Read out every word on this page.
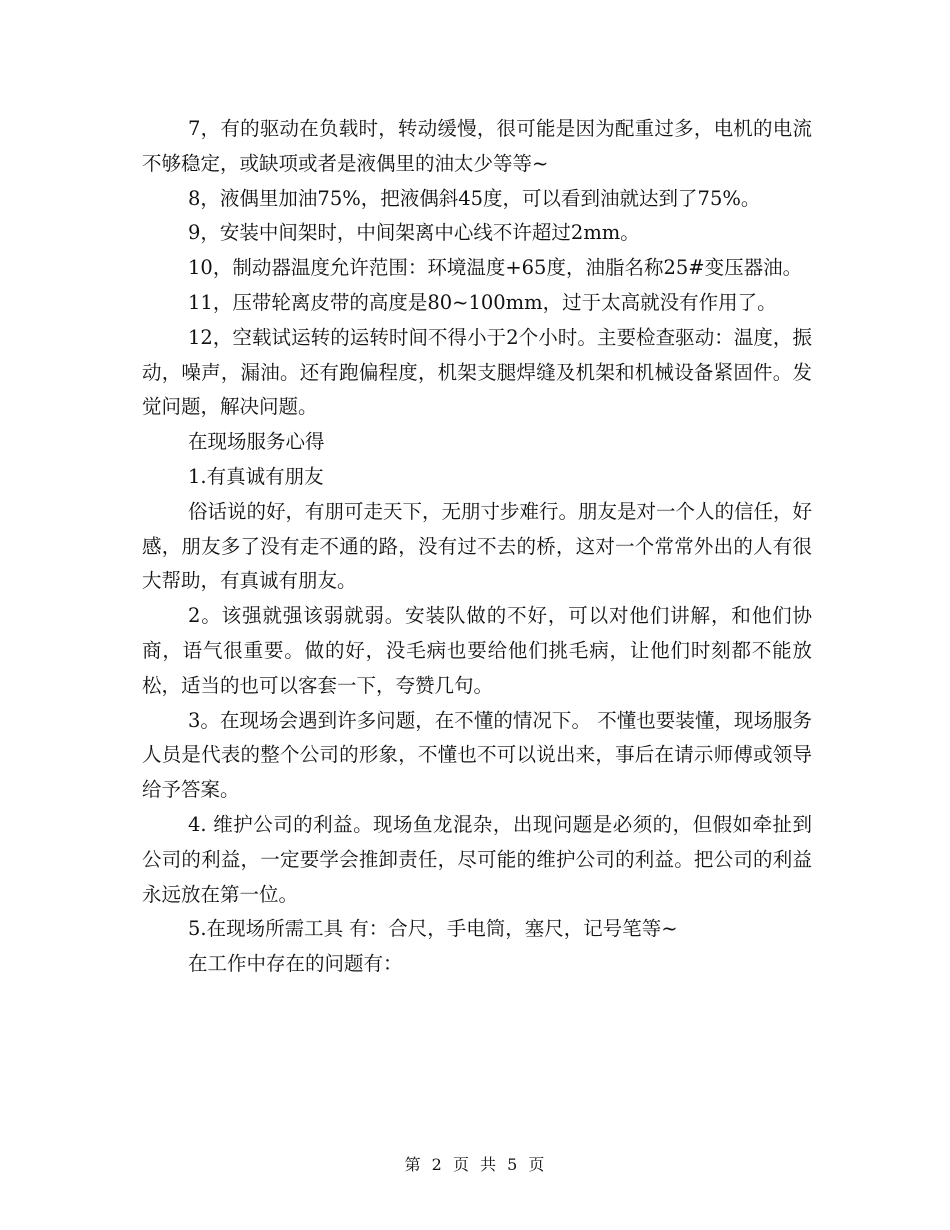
7，有的驱动在负载时，转动缓慢，很可能是因为配重过多，电机的电流不够稳定，或缺项或者是液偶里的油太少等等~

8，液偶里加油75%，把液偶斜45度，可以看到油就达到了75%。

9，安装中间架时，中间架离中心线不许超过2mm。

10，制动器温度允许范围：环境温度+65度，油脂名称25#变压器油。

11，压带轮离皮带的高度是80~100mm，过于太高就没有作用了。

12，空载试运转的运转时间不得小于2个小时。主要检查驱动：温度，振动，噪声，漏油。还有跑偏程度，机架支腿焊缝及机架和机械设备紧固件。发觉问题，解决问题。

在现场服务心得

1.有真诚有朋友

俗话说的好，有朋可走天下，无朋寸步难行。朋友是对一个人的信任，好感，朋友多了没有走不通的路，没有过不去的桥，这对一个常常外出的人有很大帮助，有真诚有朋友。

2。该强就强该弱就弱。安装队做的不好，可以对他们讲解，和他们协商，语气很重要。做的好，没毛病也要给他们挑毛病，让他们时刻都不能放松，适当的也可以客套一下，夸赞几句。

3。在现场会遇到许多问题，在不懂的情况下。 不懂也要装懂，现场服务人员是代表的整个公司的形象，不懂也不可以说出来，事后在请示师傅或领导给予答案。

4. 维护公司的利益。现场鱼龙混杂，出现问题是必须的，但假如牵扯到公司的利益，一定要学会推卸责任，尽可能的维护公司的利益。把公司的利益永远放在第一位。

5.在现场所需工具 有：合尺，手电筒，塞尺，记号笔等~

在工作中存在的问题有：

第 2 页 共 5 页
